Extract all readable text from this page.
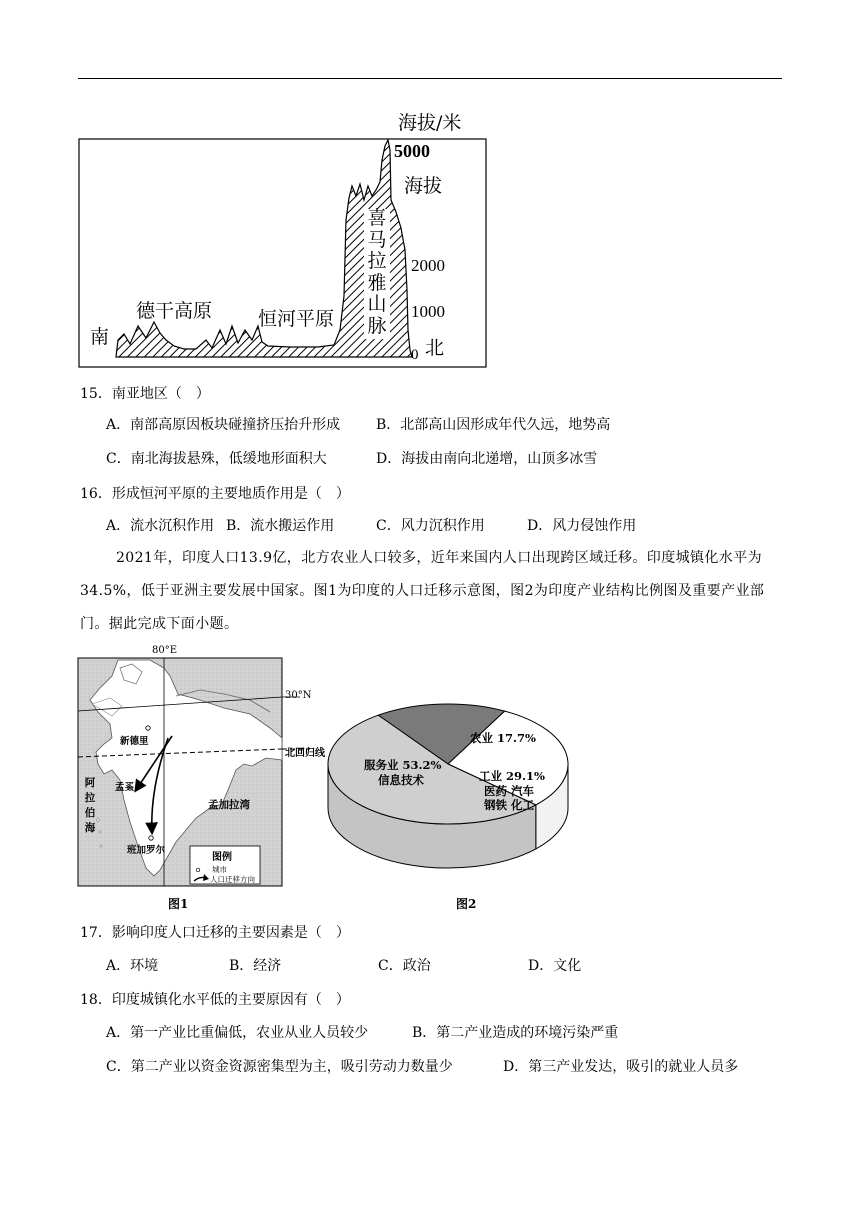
海拔/米
5000
海拔
2000
1000
0 北
南
德干高原 恒河平原
喜
马
拉
雅
山
脉
15．南亚地区（　）
A．南部高原因板块碰撞挤压抬升形成	B．北部高山因形成年代久远，地势高
C．南北海拔悬殊，低缓地形面积大	D．海拔由南向北递增，山顶多冰雪
16．形成恒河平原的主要地质作用是（　）
A．流水沉积作用 B．流水搬运作用	C．风力沉积作用	D．风力侵蚀作用
2021年，印度人口13.9亿，北方农业人口较多，近年来国内人口出现跨区域迁移。印度城镇化水平为34.5%，低于亚洲主要发展中国家。图1为印度的人口迁移示意图，图2为印度产业结构比例图及重要产业部门。据此完成下面小题。
80°E
30°N
北回归线
新德里
孟买
班加罗尔
孟加拉湾
阿
拉
伯
海
图例
城市
人口迁移方向
图1
农业 17.7%
服务业 53.2%
信息技术	工业 29.1%
医药 汽车
钢铁 化工
图2
17．影响印度人口迁移的主要因素是（　）
A．环境	B．经济	C．政治	D．文化
18．印度城镇化水平低的主要原因有（　）
A．第一产业比重偏低，农业从业人员较少	B．第二产业造成的环境污染严重
C．第二产业以资金资源密集型为主，吸引劳动力数量少	D．第三产业发达，吸引的就业人员多
